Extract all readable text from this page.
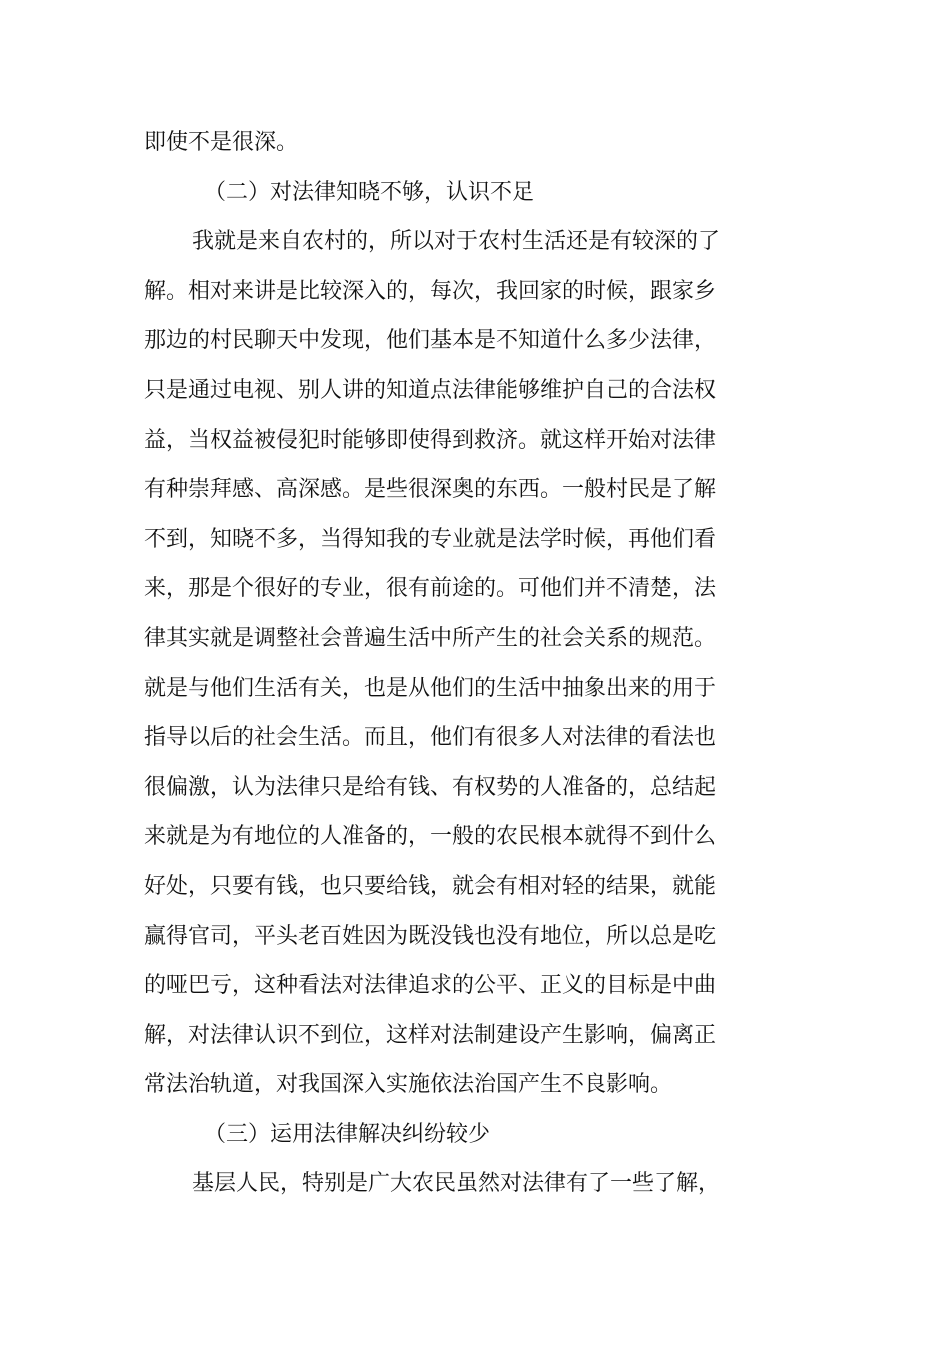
即使不是很深。
（二）对法律知晓不够，认识不足
我就是来自农村的，所以对于农村生活还是有较深的了
解。相对来讲是比较深入的，每次，我回家的时候，跟家乡
那边的村民聊天中发现，他们基本是不知道什么多少法律，
只是通过电视、别人讲的知道点法律能够维护自己的合法权
益，当权益被侵犯时能够即使得到救济。就这样开始对法律
有种崇拜感、高深感。是些很深奥的东西。一般村民是了解
不到，知晓不多，当得知我的专业就是法学时候，再他们看
来，那是个很好的专业，很有前途的。可他们并不清楚，法
律其实就是调整社会普遍生活中所产生的社会关系的规范。
就是与他们生活有关，也是从他们的生活中抽象出来的用于
指导以后的社会生活。而且，他们有很多人对法律的看法也
很偏激，认为法律只是给有钱、有权势的人准备的，总结起
来就是为有地位的人准备的，一般的农民根本就得不到什么
好处，只要有钱，也只要给钱，就会有相对轻的结果，就能
赢得官司，平头老百姓因为既没钱也没有地位，所以总是吃
的哑巴亏，这种看法对法律追求的公平、正义的目标是中曲
解，对法律认识不到位，这样对法制建设产生影响，偏离正
常法治轨道，对我国深入实施依法治国产生不良影响。
（三）运用法律解决纠纷较少
基层人民，特别是广大农民虽然对法律有了一些了解，
